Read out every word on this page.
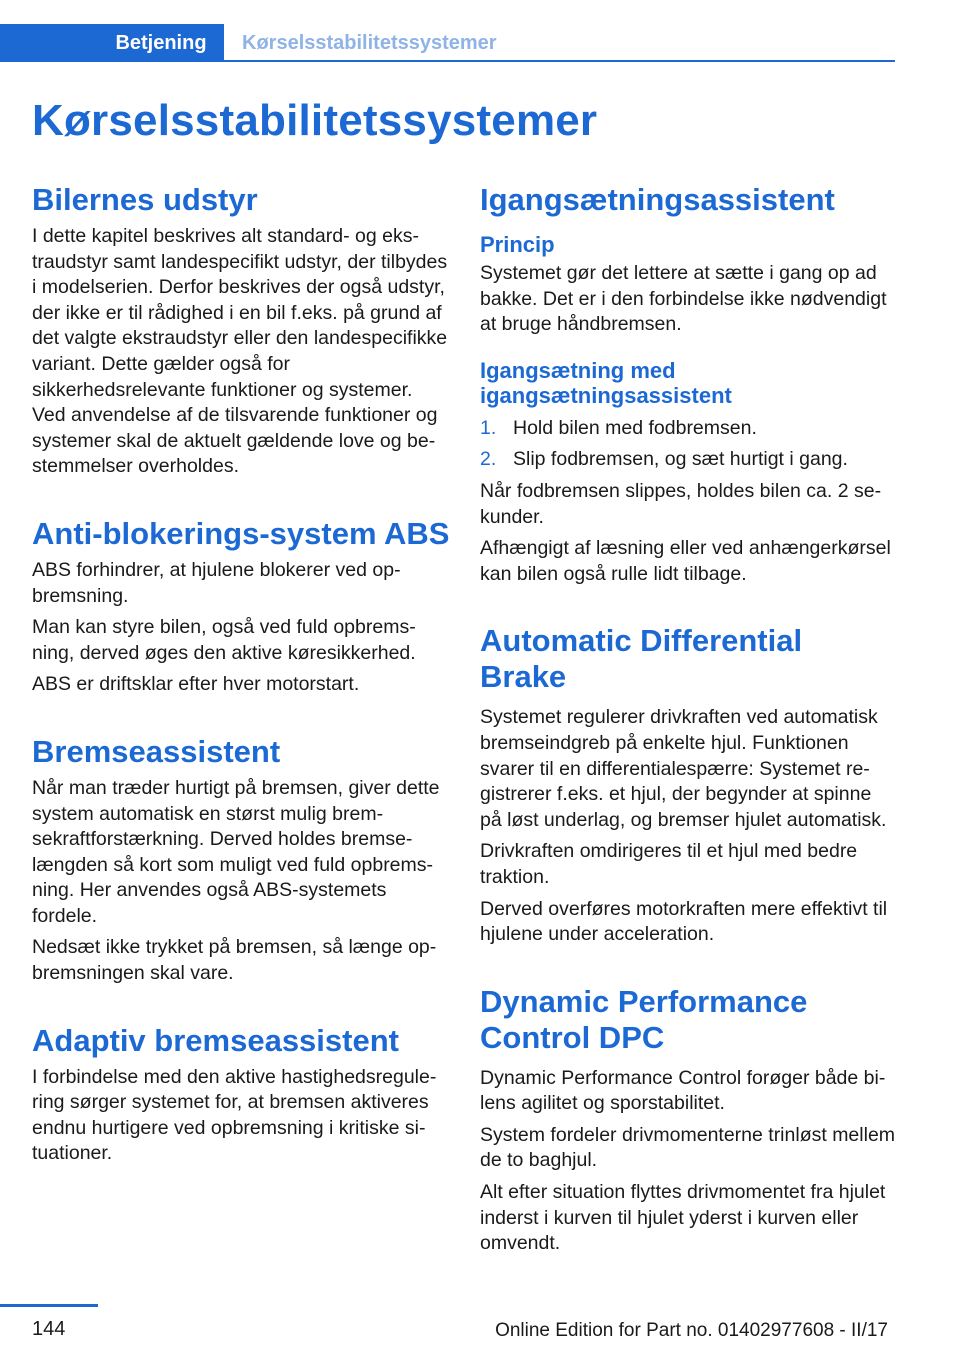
Betjening	Kørselsstabilitetssystemer
Kørselsstabilitetssystemer
Bilernes udstyr

I dette kapitel beskrives alt standard- og ekstraudstyr samt landespecifikt udstyr, der tilbydes i modelserien. Derfor beskrives der også udstyr, der ikke er til rådighed i en bil f.eks. på grund af det valgte ekstraudstyr eller den landespecifikke variant. Dette gælder også for sikkerhedsrelevante funktioner og systemer. Ved anvendelse af de tilsvarende funktioner og systemer skal de aktuelt gældende love og bestemmelser overholdes.

Anti-blokerings-system ABS

ABS forhindrer, at hjulene blokerer ved opbremsning.

Man kan styre bilen, også ved fuld opbremsning, derved øges den aktive køresikkerhed.

ABS er driftsklar efter hver motorstart.

Bremseassistent

Når man træder hurtigt på bremsen, giver dette system automatisk en størst mulig bremsekraftforstærkning. Derved holdes bremselængden så kort som muligt ved fuld opbremsning. Her anvendes også ABS-systemets fordele.

Nedsæt ikke trykket på bremsen, så længe opbremsningen skal vare.

Adaptiv bremseassistent

I forbindelse med den aktive hastighedsregulering sørger systemet for, at bremsen aktiveres endnu hurtigere ved opbremsning i kritiske situationer.

Igangsætningsassistent
Princip

Systemet gør det lettere at sætte i gang op ad bakke. Det er i den forbindelse ikke nødvendigt at bruge håndbremsen.

Igangsætning med igangsætningsassistent
1. Hold bilen med fodbremsen.
2. Slip fodbremsen, og sæt hurtigt i gang.

Når fodbremsen slippes, holdes bilen ca. 2 sekunder.

Afhængigt af læsning eller ved anhængerkørsel kan bilen også rulle lidt tilbage.

Automatic Differential Brake

Systemet regulerer drivkraften ved automatisk bremseindgreb på enkelte hjul. Funktionen svarer til en differentialespærre: Systemet registrerer f.eks. et hjul, der begynder at spinne på løst underlag, og bremser hjulet automatisk.

Drivkraften omdirigeres til et hjul med bedre traktion.

Derved overføres motorkraften mere effektivt til hjulene under acceleration.

Dynamic Performance Control DPC

Dynamic Performance Control forøger både bilens agilitet og sporstabilitet.

System fordeler drivmomenterne trinløst mellem de to baghjul.

Alt efter situation flyttes drivmomentet fra hjulet inderst i kurven til hjulet yderst i kurven eller omvendt.

144	Online Edition for Part no. 01402977608 - II/17
